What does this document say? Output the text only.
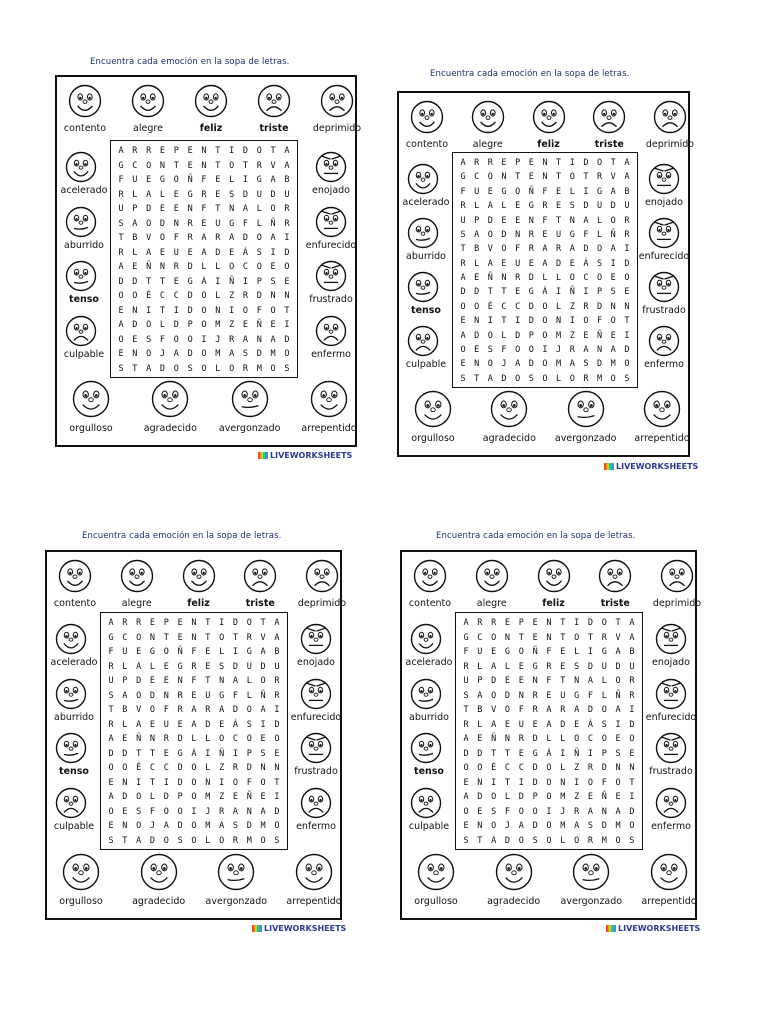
Encuentra cada emoción en la sopa de letras.
A R R E P E N T I D O T A
G C O N T E N T O T R V A
F U E G O Ñ F E L I G A B
R L A L E G R E S D U D U
U P D E E N F T N A L O R
S A O D N R E U G F L Ñ R
T B V O F R A R A D O A I
R L A E U E A D E Á S I D
A E Ñ N R D L L O C O E O
D D T T E G Á I Ñ I P S E
O O É C C D O L Z R D N N
E N I T I D O N I O F O T
A D O L D P O M Z E Ñ E I
O E S F O O I J R A N A D
E N O J A D O M A S D M O
S T A D O S O L O R M O S
contento	alegre	feliz	triste	deprimido
acelerado
aburrido
tenso
culpable
enojado
enfurecido
frustrado
enfermo
orgulloso	agradecido avergonzado arrepentido
LIVEWORKSHEETS
Encuentra cada emoción en la sopa de letras.
A R R E P E N T I D O T A
G C O N T E N T O T R V A
F U E G O Ñ F E L I G A B
R L A L E G R E S D U D U
U P D E E N F T N A L O R
S A O D N R E U G F L Ñ R
T B V O F R A R A D O A I
R L A E U E A D E Á S I D
A E Ñ N R D L L O C O E O
D D T T E G Á I Ñ I P S E
O O É C C D O L Z R D N N
E N I T I D O N I O F O T
A D O L D P O M Z E Ñ E I
O E S F O O I J R A N A D
E N O J A D O M A S D M O
S T A D O S O L O R M O S
contento	alegre	feliz	triste deprimido
acelerado
aburrido
tenso
culpable
enojado
enfurecido
frustrado
enfermo
orgulloso	agradecido avergonzado arrepentido
LIVEWORKSHEETS
Encuentra cada emoción en la sopa de letras.
A R R E P E N T I D O T A
G C O N T E N T O T R V A
F U E G O Ñ F E L I G A B
R L A L E G R E S D U D U
U P D E E N F T N A L O R
S A O D N R E U G F L Ñ R
T B V O F R A R A D O A I
R L A E U E A D E Á S I D
A E Ñ N R D L L O C O E O
D D T T E G Á I Ñ I P S E
O O É C C D O L Z R D N N
E N I T I D O N I O F O T
A D O L D P O M Z E Ñ E I
O E S F O O I J R A N A D
E N O J A D O M A S D M O
S T A D O S O L O R M O S
contento	alegre	feliz	triste deprimido
acelerado
aburrido
tenso
culpable
enojado
enfurecido
frustrado
enfermo
orgulloso	agradecido avergonzado arrepentido
LIVEWORKSHEETS
Encuentra cada emoción en la sopa de letras.
A R R E P E N T I D O T A
G C O N T E N T O T R V A
F U E G O Ñ F E L I G A B
R L A L E G R E S D U D U
U P D E E N F T N A L O R
S A O D N R E U G F L Ñ R
T B V O F R A R A D O A I
R L A E U E A D E Á S I D
A E Ñ N R D L L O C O E O
D D T T E G Á I Ñ I P S E
O O É C C D O L Z R D N N
E N I T I D O N I O F O T
A D O L D P O M Z E Ñ E I
O E S F O O I J R A N A D
E N O J A D O M A S D M O
S T A D O S O L O R M O S
contento	alegre	feliz	triste deprimido
acelerado
aburrido
tenso
culpable
enojado
enfurecido
frustrado
enfermo
orgulloso	agradecido avergonzado arrepentido
LIVEWORKSHEETS
